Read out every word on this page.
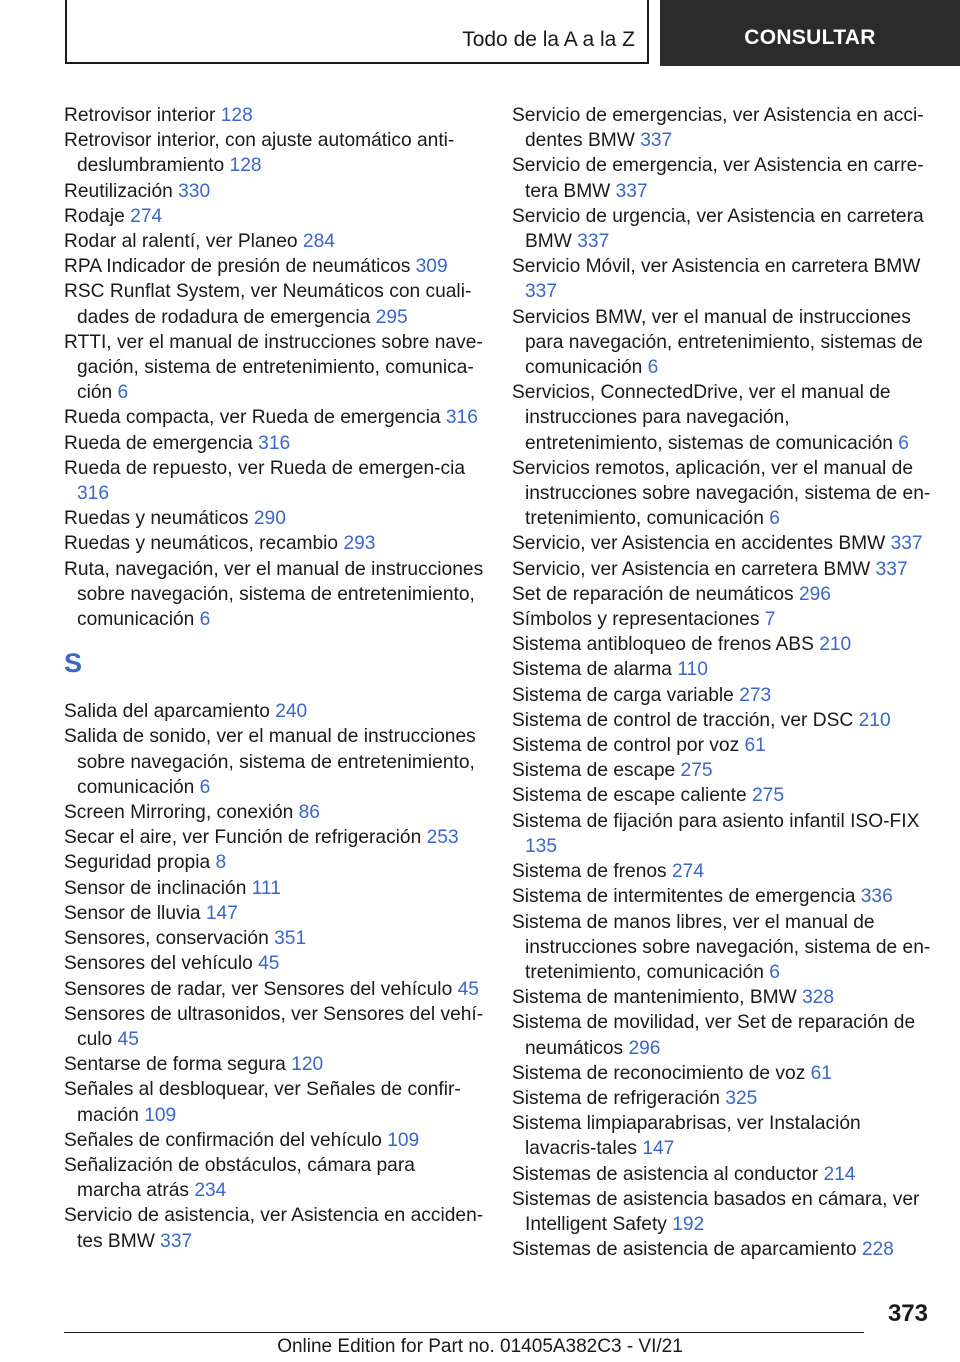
Todo de la A a la Z	CONSULTAR
Retrovisor interior 128
Retrovisor interior, con ajuste automático anti-deslumbramiento 128
Reutilización 330
Rodaje 274
Rodar al ralentí, ver Planeo 284
RPA Indicador de presión de neumáticos 309
RSC Runflat System, ver Neumáticos con cuali-dades de rodadura de emergencia 295
RTTI, ver el manual de instrucciones sobre nave-gación, sistema de entretenimiento, comunica-ción 6
Rueda compacta, ver Rueda de emergencia 316
Rueda de emergencia 316
Rueda de repuesto, ver Rueda de emergen-cia 316
Ruedas y neumáticos 290
Ruedas y neumáticos, recambio 293
Ruta, navegación, ver el manual de instrucciones sobre navegación, sistema de entretenimiento, comunicación 6
S
Salida del aparcamiento 240
Salida de sonido, ver el manual de instrucciones sobre navegación, sistema de entretenimiento, comunicación 6
Screen Mirroring, conexión 86
Secar el aire, ver Función de refrigeración 253
Seguridad propia 8
Sensor de inclinación 111
Sensor de lluvia 147
Sensores, conservación 351
Sensores del vehículo 45
Sensores de radar, ver Sensores del vehículo 45
Sensores de ultrasonidos, ver Sensores del vehí-culo 45
Sentarse de forma segura 120
Señales al desbloquear, ver Señales de confir-mación 109
Señales de confirmación del vehículo 109
Señalización de obstáculos, cámara para marcha atrás 234
Servicio de asistencia, ver Asistencia en acciden-tes BMW 337
Servicio de emergencias, ver Asistencia en acci-dentes BMW 337
Servicio de emergencia, ver Asistencia en carre-tera BMW 337
Servicio de urgencia, ver Asistencia en carretera BMW 337
Servicio Móvil, ver Asistencia en carretera BMW 337
Servicios BMW, ver el manual de instrucciones para navegación, entretenimiento, sistemas de comunicación 6
Servicios, ConnectedDrive, ver el manual de instrucciones para navegación, entretenimiento, sistemas de comunicación 6
Servicios remotos, aplicación, ver el manual de instrucciones sobre navegación, sistema de en-tretenimiento, comunicación 6
Servicio, ver Asistencia en accidentes BMW 337
Servicio, ver Asistencia en carretera BMW 337
Set de reparación de neumáticos 296
Símbolos y representaciones 7
Sistema antibloqueo de frenos ABS 210
Sistema de alarma 110
Sistema de carga variable 273
Sistema de control de tracción, ver DSC 210
Sistema de control por voz 61
Sistema de escape 275
Sistema de escape caliente 275
Sistema de fijación para asiento infantil ISO-FIX 135
Sistema de frenos 274
Sistema de intermitentes de emergencia 336
Sistema de manos libres, ver el manual de instrucciones sobre navegación, sistema de en-tretenimiento, comunicación 6
Sistema de mantenimiento, BMW 328
Sistema de movilidad, ver Set de reparación de neumáticos 296
Sistema de reconocimiento de voz 61
Sistema de refrigeración 325
Sistema limpiaparabrisas, ver Instalación lavacris-tales 147
Sistemas de asistencia al conductor 214
Sistemas de asistencia basados en cámara, ver Intelligent Safety 192
Sistemas de asistencia de aparcamiento 228
373
Online Edition for Part no. 01405A382C3 - VI/21
